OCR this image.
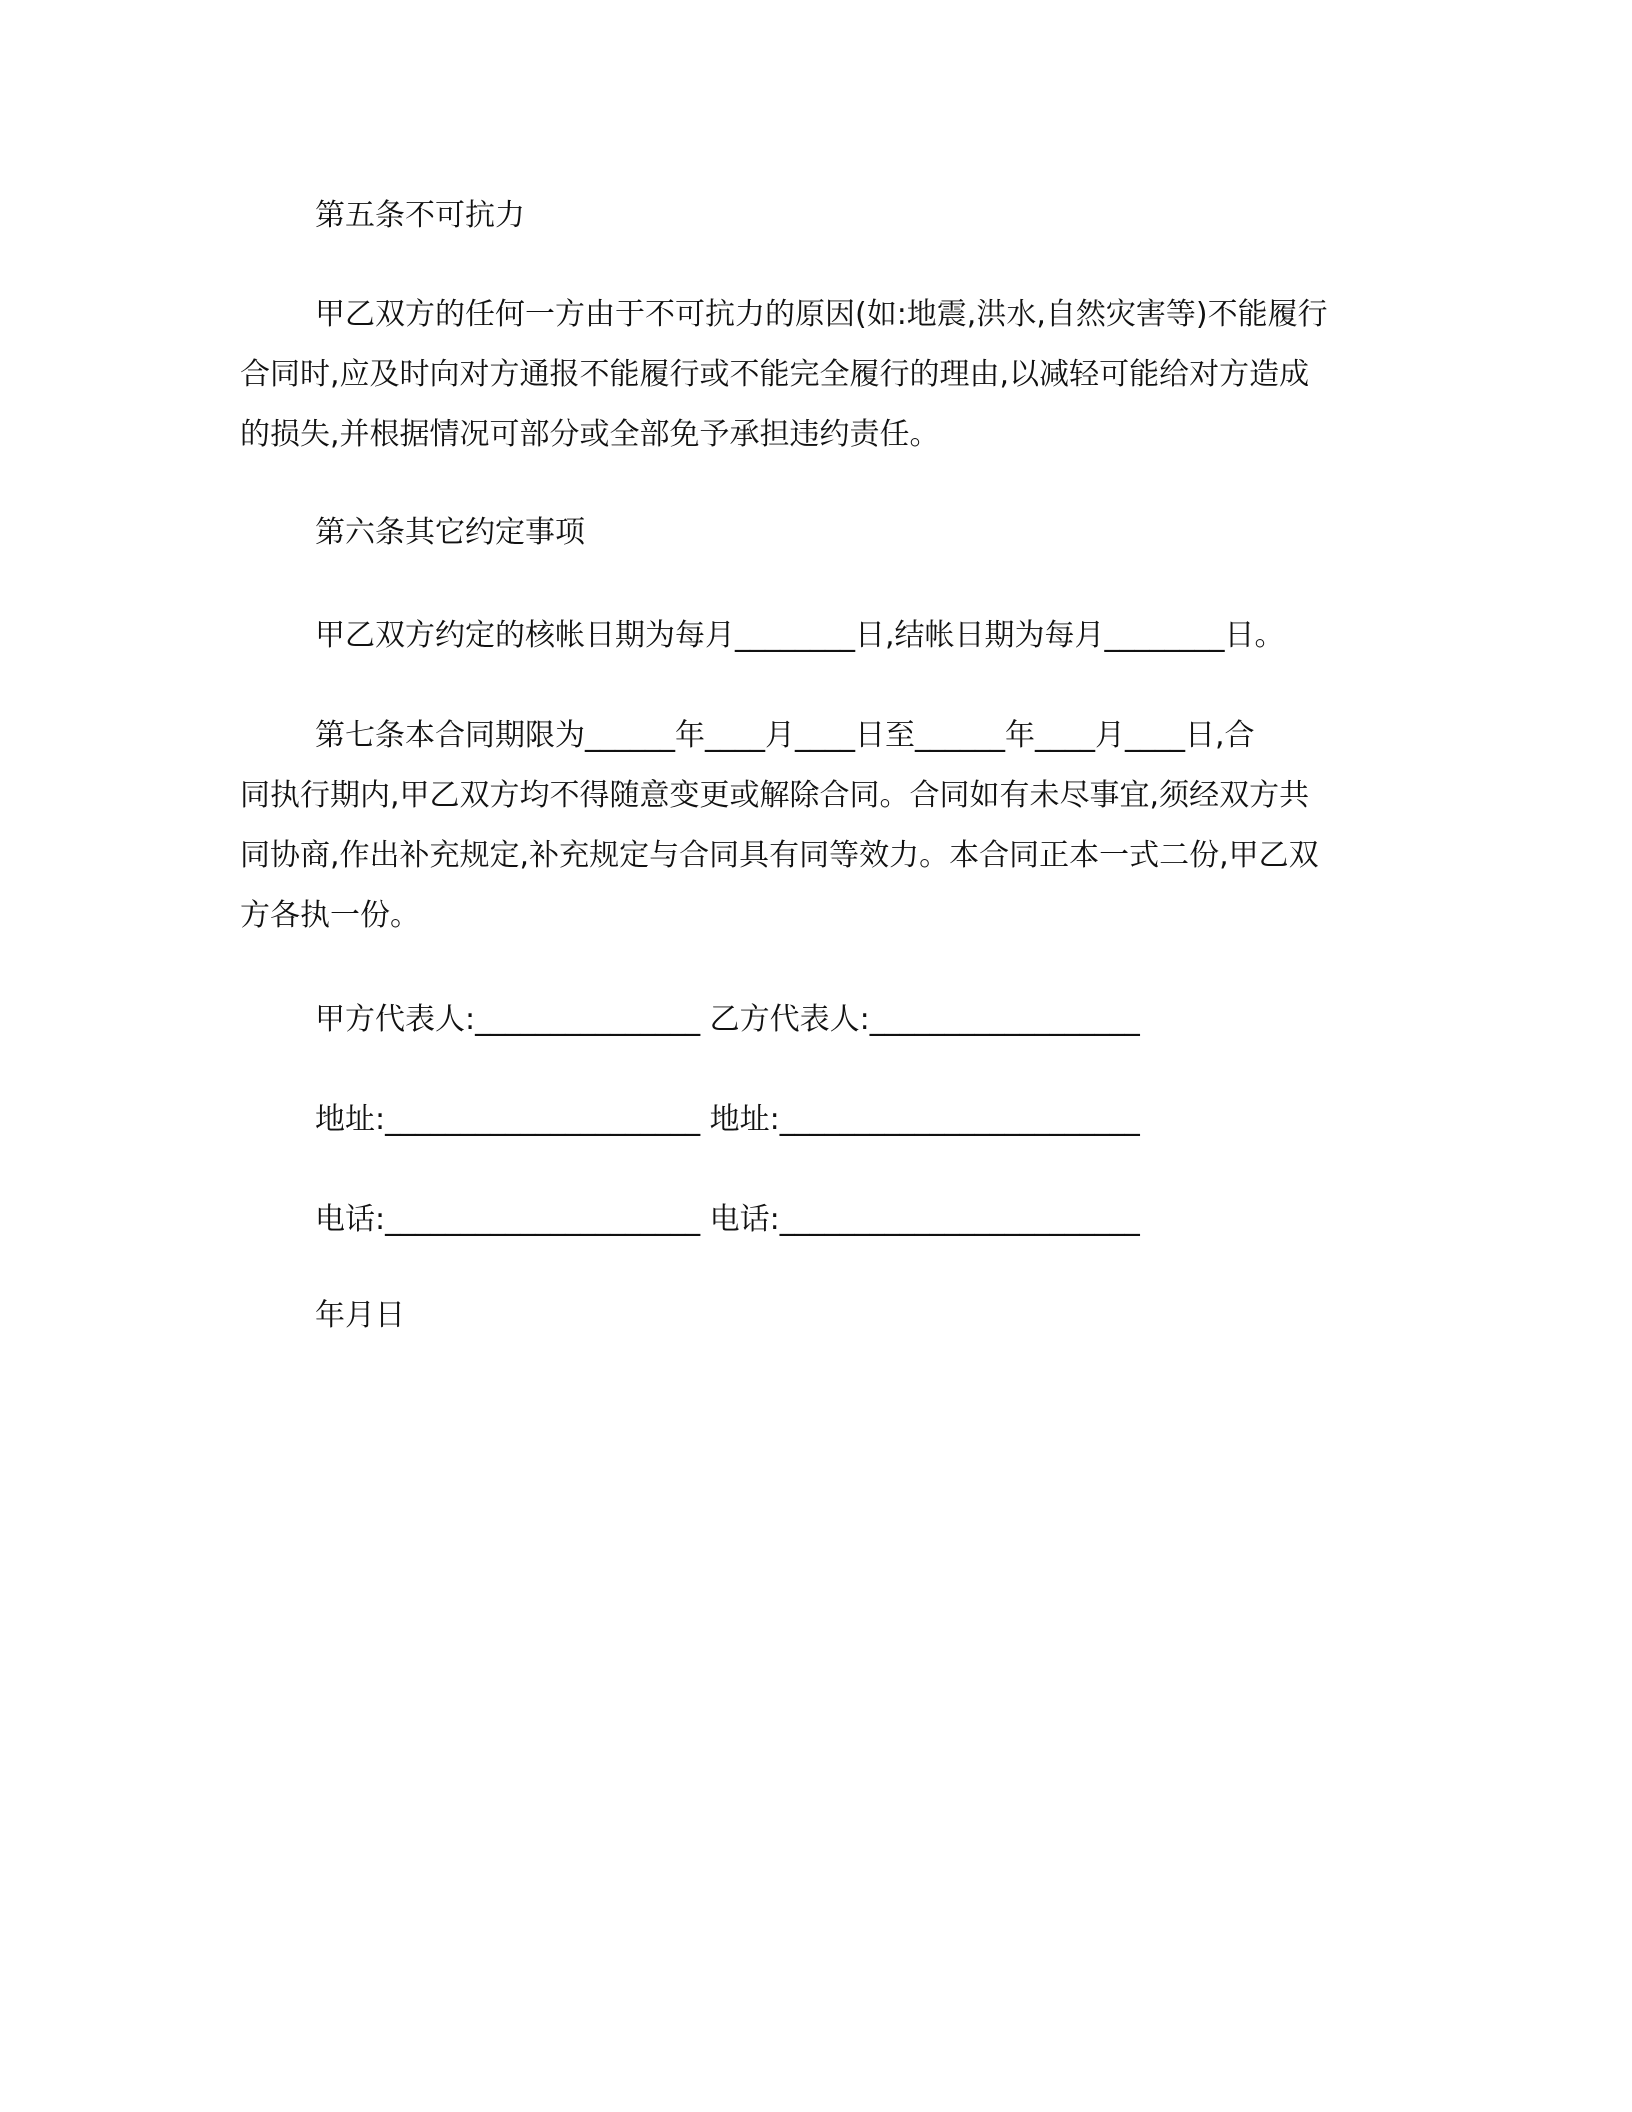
第五条不可抗力

甲乙双方的任何一方由于不可抗力的原因(如:地震,洪水,自然灾害等)不能履行

合同时,应及时向对方通报不能履行或不能完全履行的理由,以减轻可能给对方造成

的损失,并根据情况可部分或全部免予承担违约责任。

第六条其它约定事项

甲乙双方约定的核帐日期为每月________日,结帐日期为每月________日。

第七条本合同期限为______年____月____日至______年____月____日,合

同执行期内,甲乙双方均不得随意变更或解除合同。合同如有未尽事宜,须经双方共

同协商,作出补充规定,补充规定与合同具有同等效力。本合同正本一式二份,甲乙双

方各执一份。

甲方代表人:_______________ 乙方代表人:__________________

地址:_____________________ 地址:________________________

电话:_____________________ 电话:________________________

年月日
